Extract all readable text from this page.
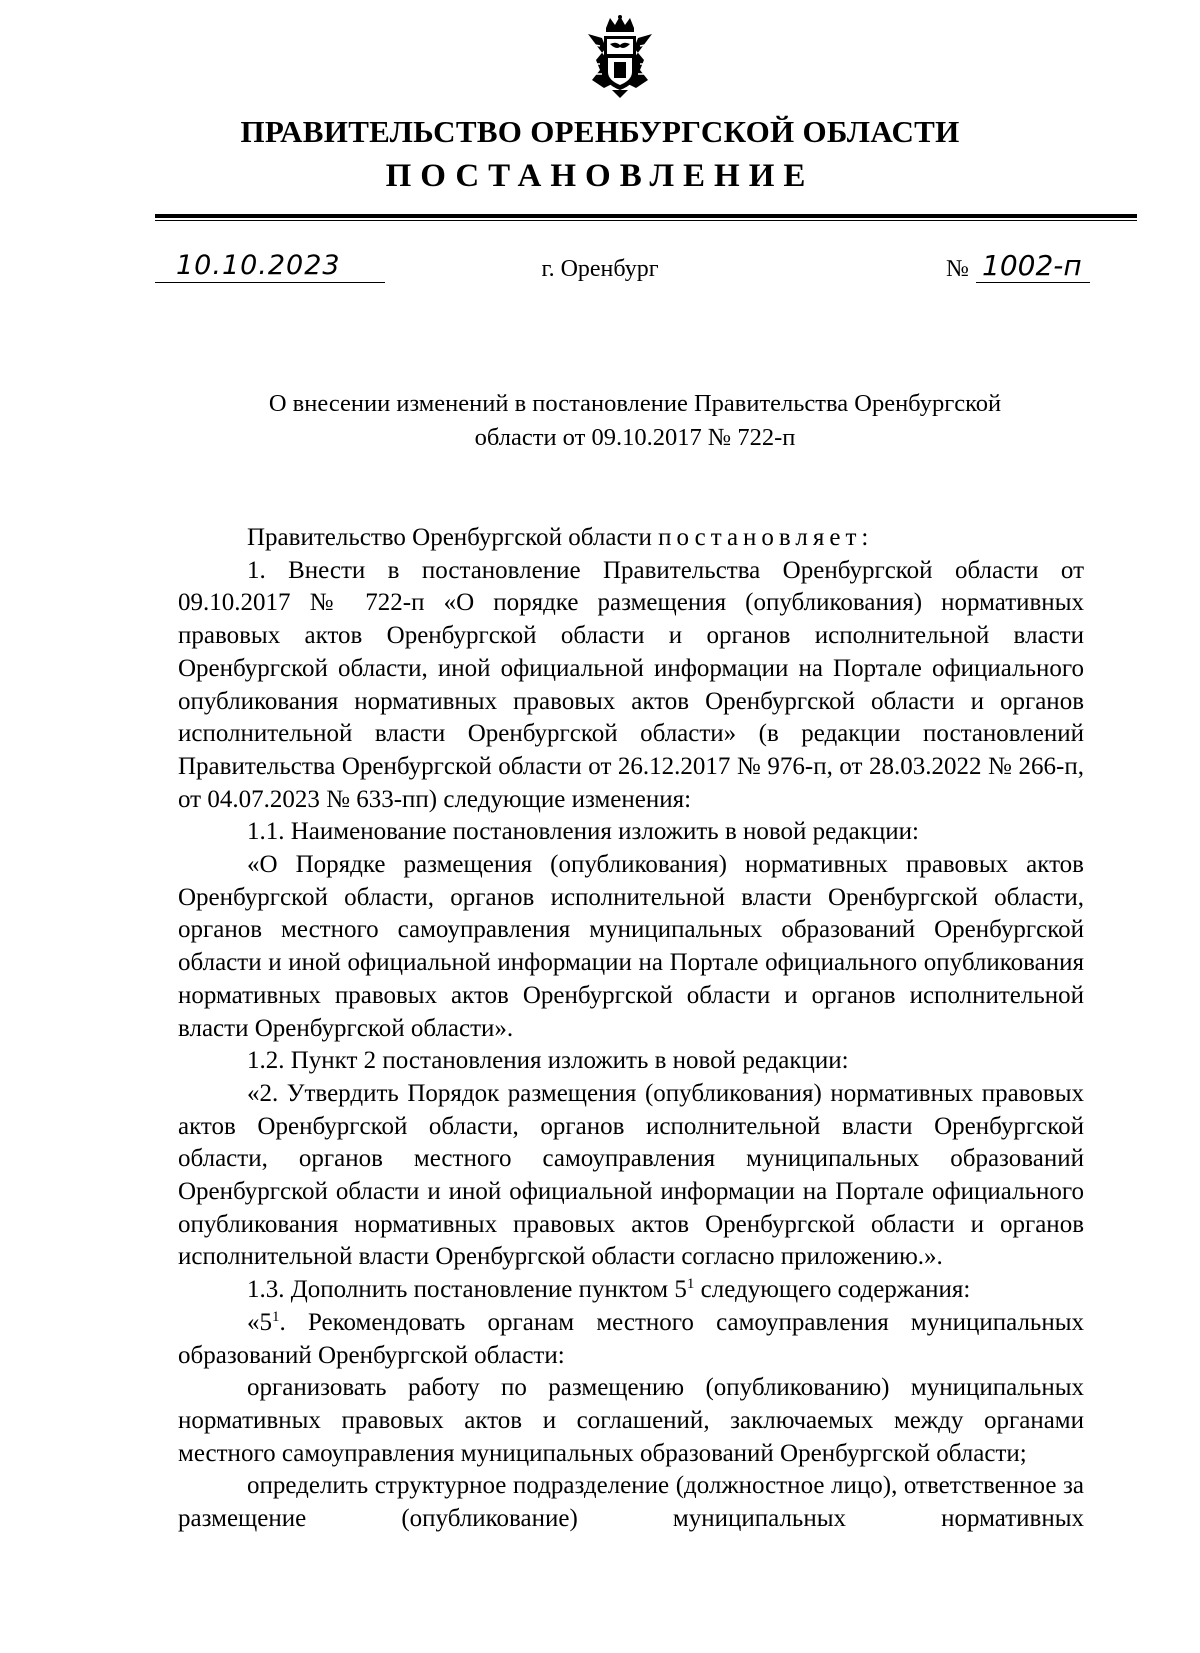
ПРАВИТЕЛЬСТВО ОРЕНБУРГСКОЙ ОБЛАСТИ
ПОСТАНОВЛЕНИЕ
10.10.2023	г. Оренбург	№ 1002-п
О внесении изменений в постановление Правительства Оренбургской
области от 09.10.2017 № 722-п

Правительство Оренбургской области постановляет:

1. Внести в постановление Правительства Оренбургской области от 09.10.2017 № 722-п «О порядке размещения (опубликования) нормативных правовых актов Оренбургской области и органов исполнительной власти Оренбургской области, иной официальной информации на Портале официального опубликования нормативных правовых актов Оренбургской области и органов исполнительной власти Оренбургской области» (в редакции постановлений Правительства Оренбургской области от 26.12.2017 № 976-п, от 28.03.2022 № 266-п, от 04.07.2023 № 633-пп) следующие изменения:

1.1. Наименование постановления изложить в новой редакции:

«О Порядке размещения (опубликования) нормативных правовых актов Оренбургской области, органов исполнительной власти Оренбургской области, органов местного самоуправления муниципальных образований Оренбургской области и иной официальной информации на Портале официального опубликования нормативных правовых актов Оренбургской области и органов исполнительной власти Оренбургской области».

1.2. Пункт 2 постановления изложить в новой редакции:

«2. Утвердить Порядок размещения (опубликования) нормативных правовых актов Оренбургской области, органов исполнительной власти Оренбургской области, органов местного самоуправления муниципальных образований Оренбургской области и иной официальной информации на Портале официального опубликования нормативных правовых актов Оренбургской области и органов исполнительной власти Оренбургской области согласно приложению.».

1.3. Дополнить постановление пунктом $5^1$ следующего содержания:

«$5^1$. Рекомендовать органам местного самоуправления муниципальных образований Оренбургской области:

организовать работу по размещению (опубликованию) муниципальных нормативных правовых актов и соглашений, заключаемых между органами местного самоуправления муниципальных образований Оренбургской области;

определить структурное подразделение (должностное лицо), ответственное за размещение (опубликование) муниципальных нормативных
